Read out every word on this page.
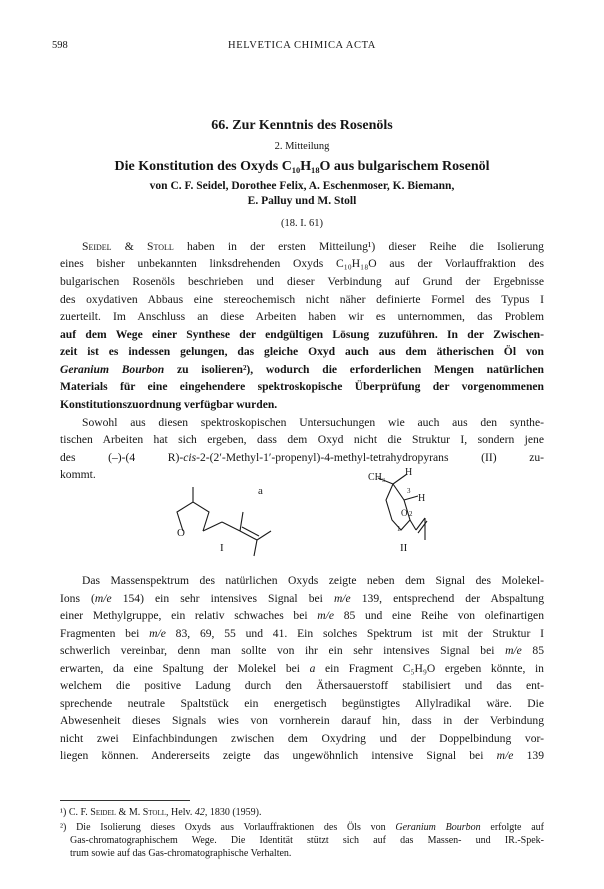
598	HELVETICA CHIMICA ACTA
66. Zur Kenntnis des Rosenöls
2. Mitteilung
Die Konstitution des Oxyds C₁₀H₁₈O aus bulgarischem Rosenöl
von C. F. Seidel, Dorothee Felix, A. Eschenmoser, K. Biemann,
E. Palluy und M. Stoll
(18. I. 61)
Seidel & Stoll haben in der ersten Mitteilung¹) dieser Reihe die Isolierung
eines bisher unbekannten linksdrehenden Oxyds C₁₀H₁₈O aus der Vorlauffraktion des
bulgarischen Rosenöls beschrieben und dieser Verbindung auf Grund der Ergebnisse
des oxydativen Abbaus eine stereochemisch nicht näher definierte Formel des Typus I
zuerteilt. Im Anschluss an diese Arbeiten haben wir es unternommen, das Problem
auf dem Wege einer Synthese der endgültigen Lösung zuzuführen. In der Zwischen-
zeit ist es indessen gelungen, das gleiche Oxyd auch aus dem ätherischen Öl von
Geranium Bourbon zu isolieren²), wodurch die erforderlichen Mengen natürlichen
Materials für eine eingehendere spektroskopische Überprüfung der vorgenommenen
Konstitutionszuordnung verfügbar wurden.
Sowohl aus diesen spektroskopischen Untersuchungen wie auch aus den synthe-
tischen Arbeiten hat sich ergeben, dass dem Oxyd nicht die Struktur I, sondern jene
des (–)-(4 R)-cis-2-(2′-Methyl-1′-propenyl)-4-methyl-tetrahydropyrans (II) zu-
kommt.
Das Massenspektrum des natürlichen Oxyds zeigte neben dem Signal des Molekel-
Ions (m/e 154) ein sehr intensives Signal bei m/e 139, entsprechend der Abspaltung
einer Methylgruppe, ein relativ schwaches bei m/e 85 und eine Reihe von olefinartigen
Fragmenten bei m/e 83, 69, 55 und 41. Ein solches Spektrum ist mit der Struktur I
schwerlich vereinbar, denn man sollte von ihr ein sehr intensives Signal bei m/e 85
erwarten, da eine Spaltung der Molekel bei a ein Fragment C₅H₉O ergeben könnte, in
welchem die positive Ladung durch den Äthersauerstoff stabilisiert und das ent-
sprechende neutrale Spaltstück ein energetisch begünstigtes Allylradikal wäre. Die
Abwesenheit dieses Signals wies von vornherein darauf hin, dass in der Verbindung
nicht zwei Einfachbindungen zwischen dem Oxydring und der Doppelbindung vor-
liegen können. Andererseits zeigte das ungewöhnlich intensive Signal bei m/e 139
O
a
CH₃ H
H
O 2
1
3
I	II
¹) C. F. Seidel & M. Stoll, Helv. 42, 1830 (1959).
²) Die Isolierung dieses Oxyds aus Vorlauffraktionen des Öls von Geranium Bourbon erfolgte auf
Gas-chromatographischem Wege. Die Identität stützt sich auf das Massen- und IR.-Spek-
trum sowie auf das Gas-chromatographische Verhalten.
